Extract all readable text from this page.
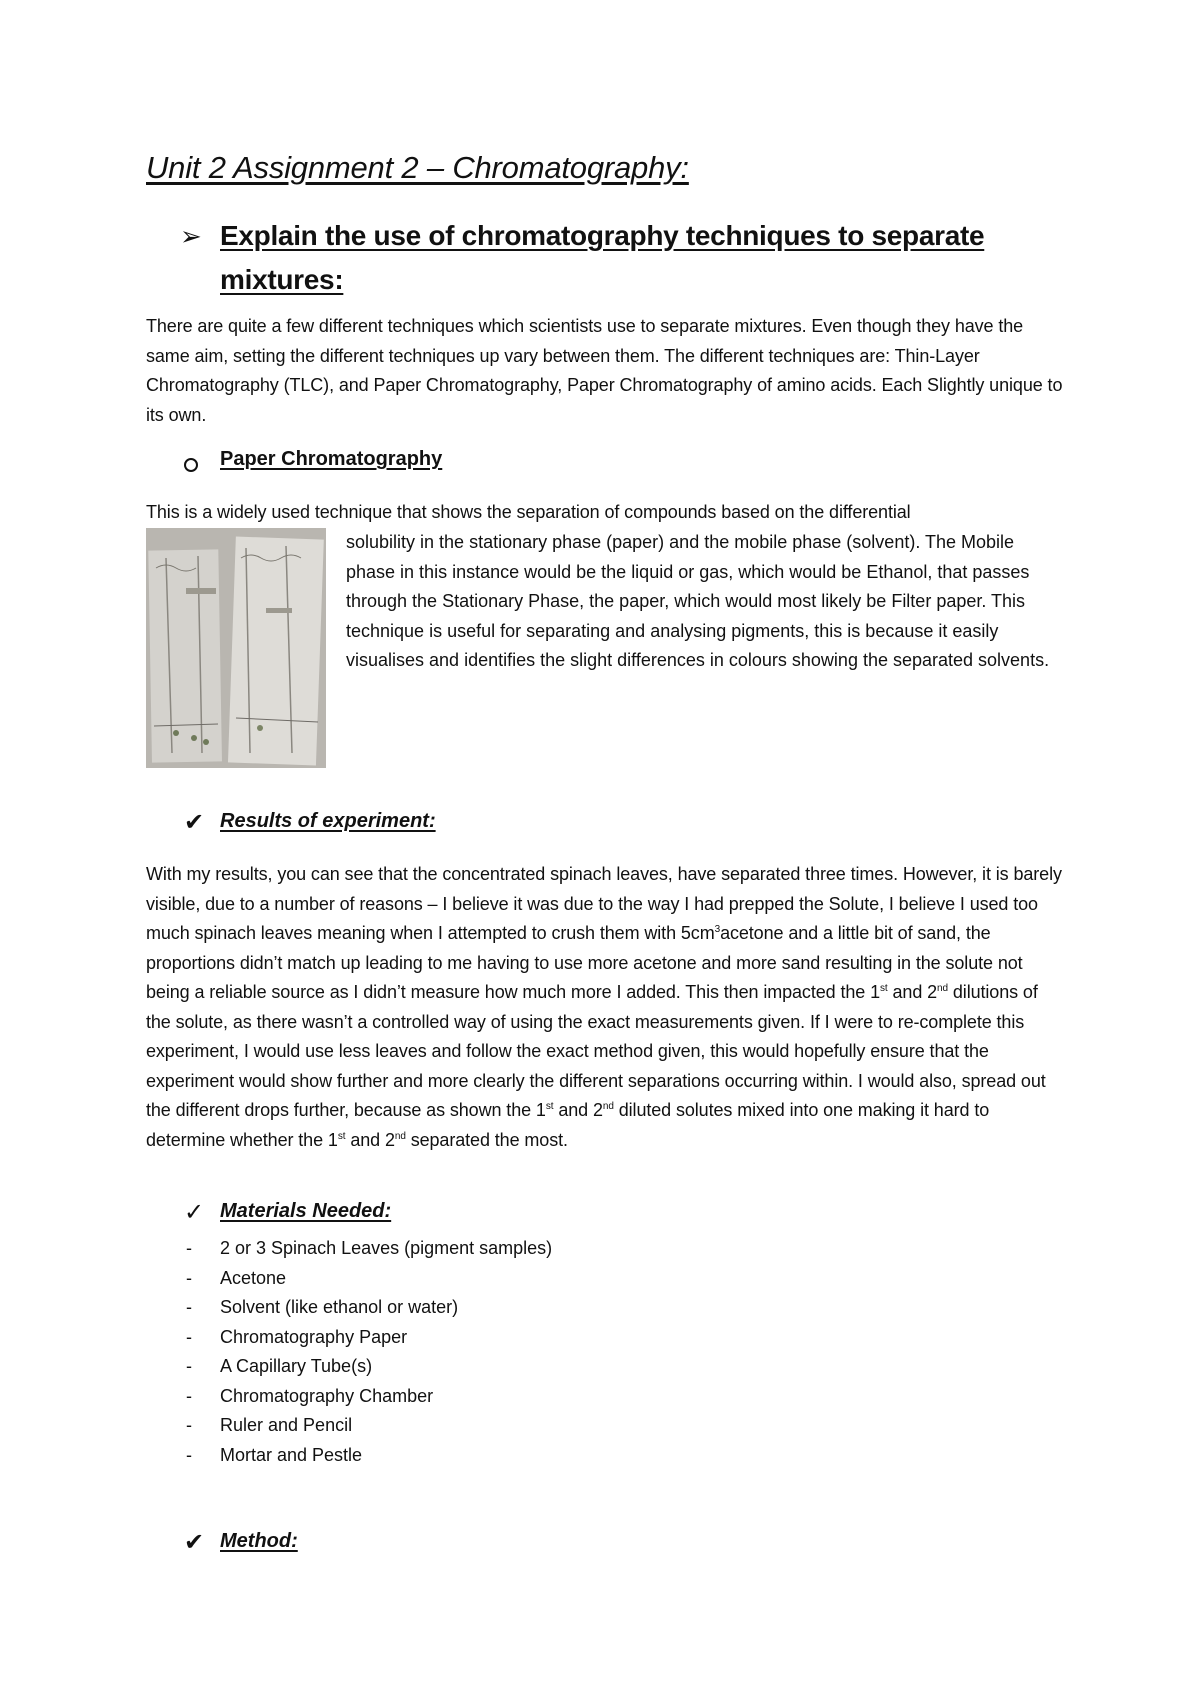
Unit 2 Assignment 2 – Chromatography:
➢ Explain the use of chromatography techniques to separate mixtures:

There are quite a few different techniques which scientists use to separate mixtures. Even though they have the same aim, setting the different techniques up vary between them. The different techniques are: Thin-Layer Chromatography (TLC), and Paper Chromatography, Paper Chromatography of amino acids. Each Slightly unique to its own.

Paper Chromatography

This is a widely used technique that shows the separation of compounds based on the differential

solubility in the stationary phase (paper) and the mobile phase (solvent). The Mobile phase in this instance would be the liquid or gas, which would be Ethanol, that passes through the Stationary Phase, the paper, which would most likely be Filter paper. This technique is useful for separating and analysing pigments, this is because it easily visualises and identifies the slight differences in colours showing the separated solvents.

✔ Results of experiment:

With my results, you can see that the concentrated spinach leaves, have separated three times. However, it is barely visible, due to a number of reasons – I believe it was due to the way I had prepped the Solute, I believe I used too much spinach leaves meaning when I attempted to crush them with $5cm^3acetone$ and a little bit of sand, the proportions didn’t match up leading to me having to use more acetone and more sand resulting in the solute not being a reliable source as I didn’t measure how much more I added. This then impacted the 1st and 2nd dilutions of the solute, as there wasn’t a controlled way of using the exact measurements given. If I were to re-complete this experiment, I would use less leaves and follow the exact method given, this would hopefully ensure that the experiment would show further and more clearly the different separations occurring within. I would also, spread out the different drops further, because as shown the 1st and 2nd diluted solutes mixed into one making it hard to determine whether the 1st and 2nd separated the most.

✓ Materials Needed:
- 2 or 3 Spinach Leaves (pigment samples)
- Acetone
- Solvent (like ethanol or water)
- Chromatography Paper
- A Capillary Tube(s)
- Chromatography Chamber
- Ruler and Pencil
- Mortar and Pestle
✔ Method:
